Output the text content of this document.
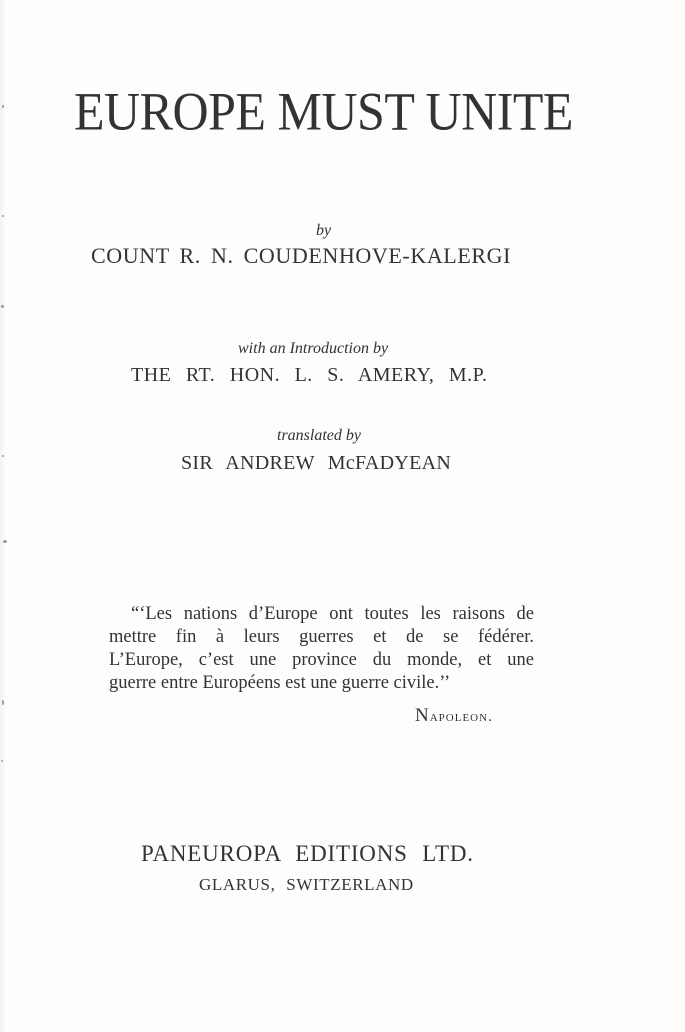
EUROPE MUST UNITE
by
COUNT R. N. COUDENHOVE-KALERGI
with an Introduction by
THE RT. HON. L. S. AMERY, M.P.
translated by
SIR ANDREW McFADYEAN
“‘Les nations d’Europe ont toutes les raisons de
mettre fin à leurs guerres et de se fédérer.
L’Europe, c’est une province du monde, et une
guerre entre Européens est une guerre civile.’’
Napoleon.
PANEUROPA EDITIONS LTD.
GLARUS, SWITZERLAND
